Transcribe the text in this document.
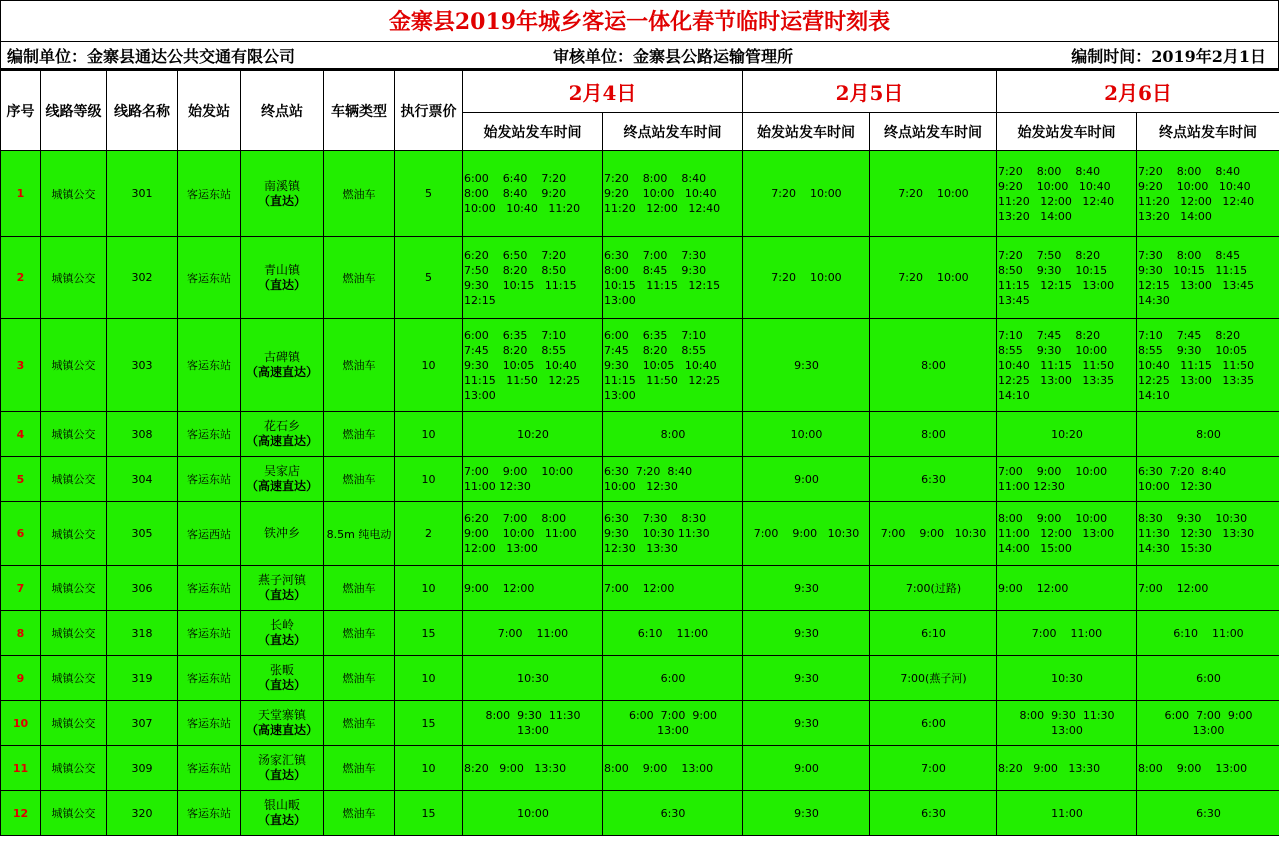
金寨县2019年城乡客运一体化春节临时运营时刻表
编制单位：金寨县通达公共交通有限公司	审核单位：金寨县公路运输管理所	编制时间：2019年2月1日
序号	线路等级	线路名称	始发站	终点站	车辆类型	执行票价	2月4日		2月5日		2月6日	
							始发站发车时间	终点站发车时间	始发站发车时间	终点站发车时间	始发站发车时间	终点站发车时间
1	城镇公交	301	客运东站	南溪镇
（直达）	燃油车	5	6:00    6:40    7:20
8:00    8:40    9:20
10:00   10:40   11:20	7:20    8:00    8:40
9:20    10:00   10:40
11:20   12:00   12:40	7:20    10:00	7:20    10:00	7:20    8:00    8:40
9:20    10:00   10:40
11:20   12:00   12:40
13:20   14:00	7:20    8:00    8:40
9:20    10:00   10:40
11:20   12:00   12:40
13:20   14:00
2	城镇公交	302	客运东站	青山镇
（直达）	燃油车	5	6:20    6:50    7:20
7:50    8:20    8:50
9:30    10:15   11:15
12:15	6:30    7:00    7:30
8:00    8:45    9:30
10:15   11:15   12:15
13:00	7:20    10:00	7:20    10:00	7:20    7:50    8:20
8:50    9:30    10:15
11:15   12:15   13:00
13:45	7:30    8:00    8:45
9:30   10:15   11:15
12:15   13:00   13:45
14:30
3	城镇公交	303	客运东站	古碑镇
（高速直达）	燃油车	10	6:00    6:35    7:10
7:45    8:20    8:55
9:30    10:05   10:40
11:15   11:50   12:25
13:00	6:00    6:35    7:10
7:45    8:20    8:55
9:30    10:05   10:40
11:15   11:50   12:25
13:00	9:30	8:00	7:10    7:45    8:20
8:55    9:30    10:00
10:40   11:15   11:50
12:25   13:00   13:35
14:10	7:10    7:45    8:20
8:55    9:30    10:05
10:40   11:15   11:50
12:25   13:00   13:35
14:10
4	城镇公交	308	客运东站	花石乡
（高速直达）	燃油车	10	10:20	8:00	10:00	8:00	10:20	8:00
5	城镇公交	304	客运东站	吴家店
（高速直达）	燃油车	10	7:00    9:00    10:00
11:00 12:30	6:30  7:20  8:40
10:00   12:30	9:00	6:30	7:00    9:00    10:00
11:00 12:30	6:30  7:20  8:40
10:00   12:30
6	城镇公交	305	客运西站	铁冲乡	8.5m 纯电动	2	6:20    7:00    8:00
9:00    10:00   11:00
12:00   13:00	6:30    7:30    8:30
9:30    10:30 11:30
12:30   13:30	7:00    9:00   10:30	7:00    9:00   10:30	8:00    9:00    10:00
11:00   12:00   13:00
14:00   15:00	8:30    9:30    10:30
11:30   12:30   13:30
14:30   15:30
7	城镇公交	306	客运东站	燕子河镇
（直达）	燃油车	10	9:00    12:00	7:00    12:00	9:30	7:00(过路)	9:00    12:00	7:00    12:00
8	城镇公交	318	客运东站	长岭
（直达）	燃油车	15	7:00    11:00	6:10    11:00	9:30	6:10	7:00    11:00	6:10    11:00
9	城镇公交	319	客运东站	张畈
（直达）	燃油车	10	10:30	6:00	9:30	7:00(燕子河)	10:30	6:00
10	城镇公交	307	客运东站	天堂寨镇
（高速直达）	燃油车	15	8:00  9:30  11:30
13:00	6:00  7:00  9:00
13:00	9:30	6:00	8:00  9:30  11:30
13:00	6:00  7:00  9:00
13:00
11	城镇公交	309	客运东站	汤家汇镇
（直达）	燃油车	10	8:20   9:00   13:30	8:00    9:00    13:00	9:00	7:00	8:20   9:00   13:30	8:00    9:00    13:00
12	城镇公交	320	客运东站	银山畈
（直达）	燃油车	15	10:00	6:30	9:30	6:30	11:00	6:30
